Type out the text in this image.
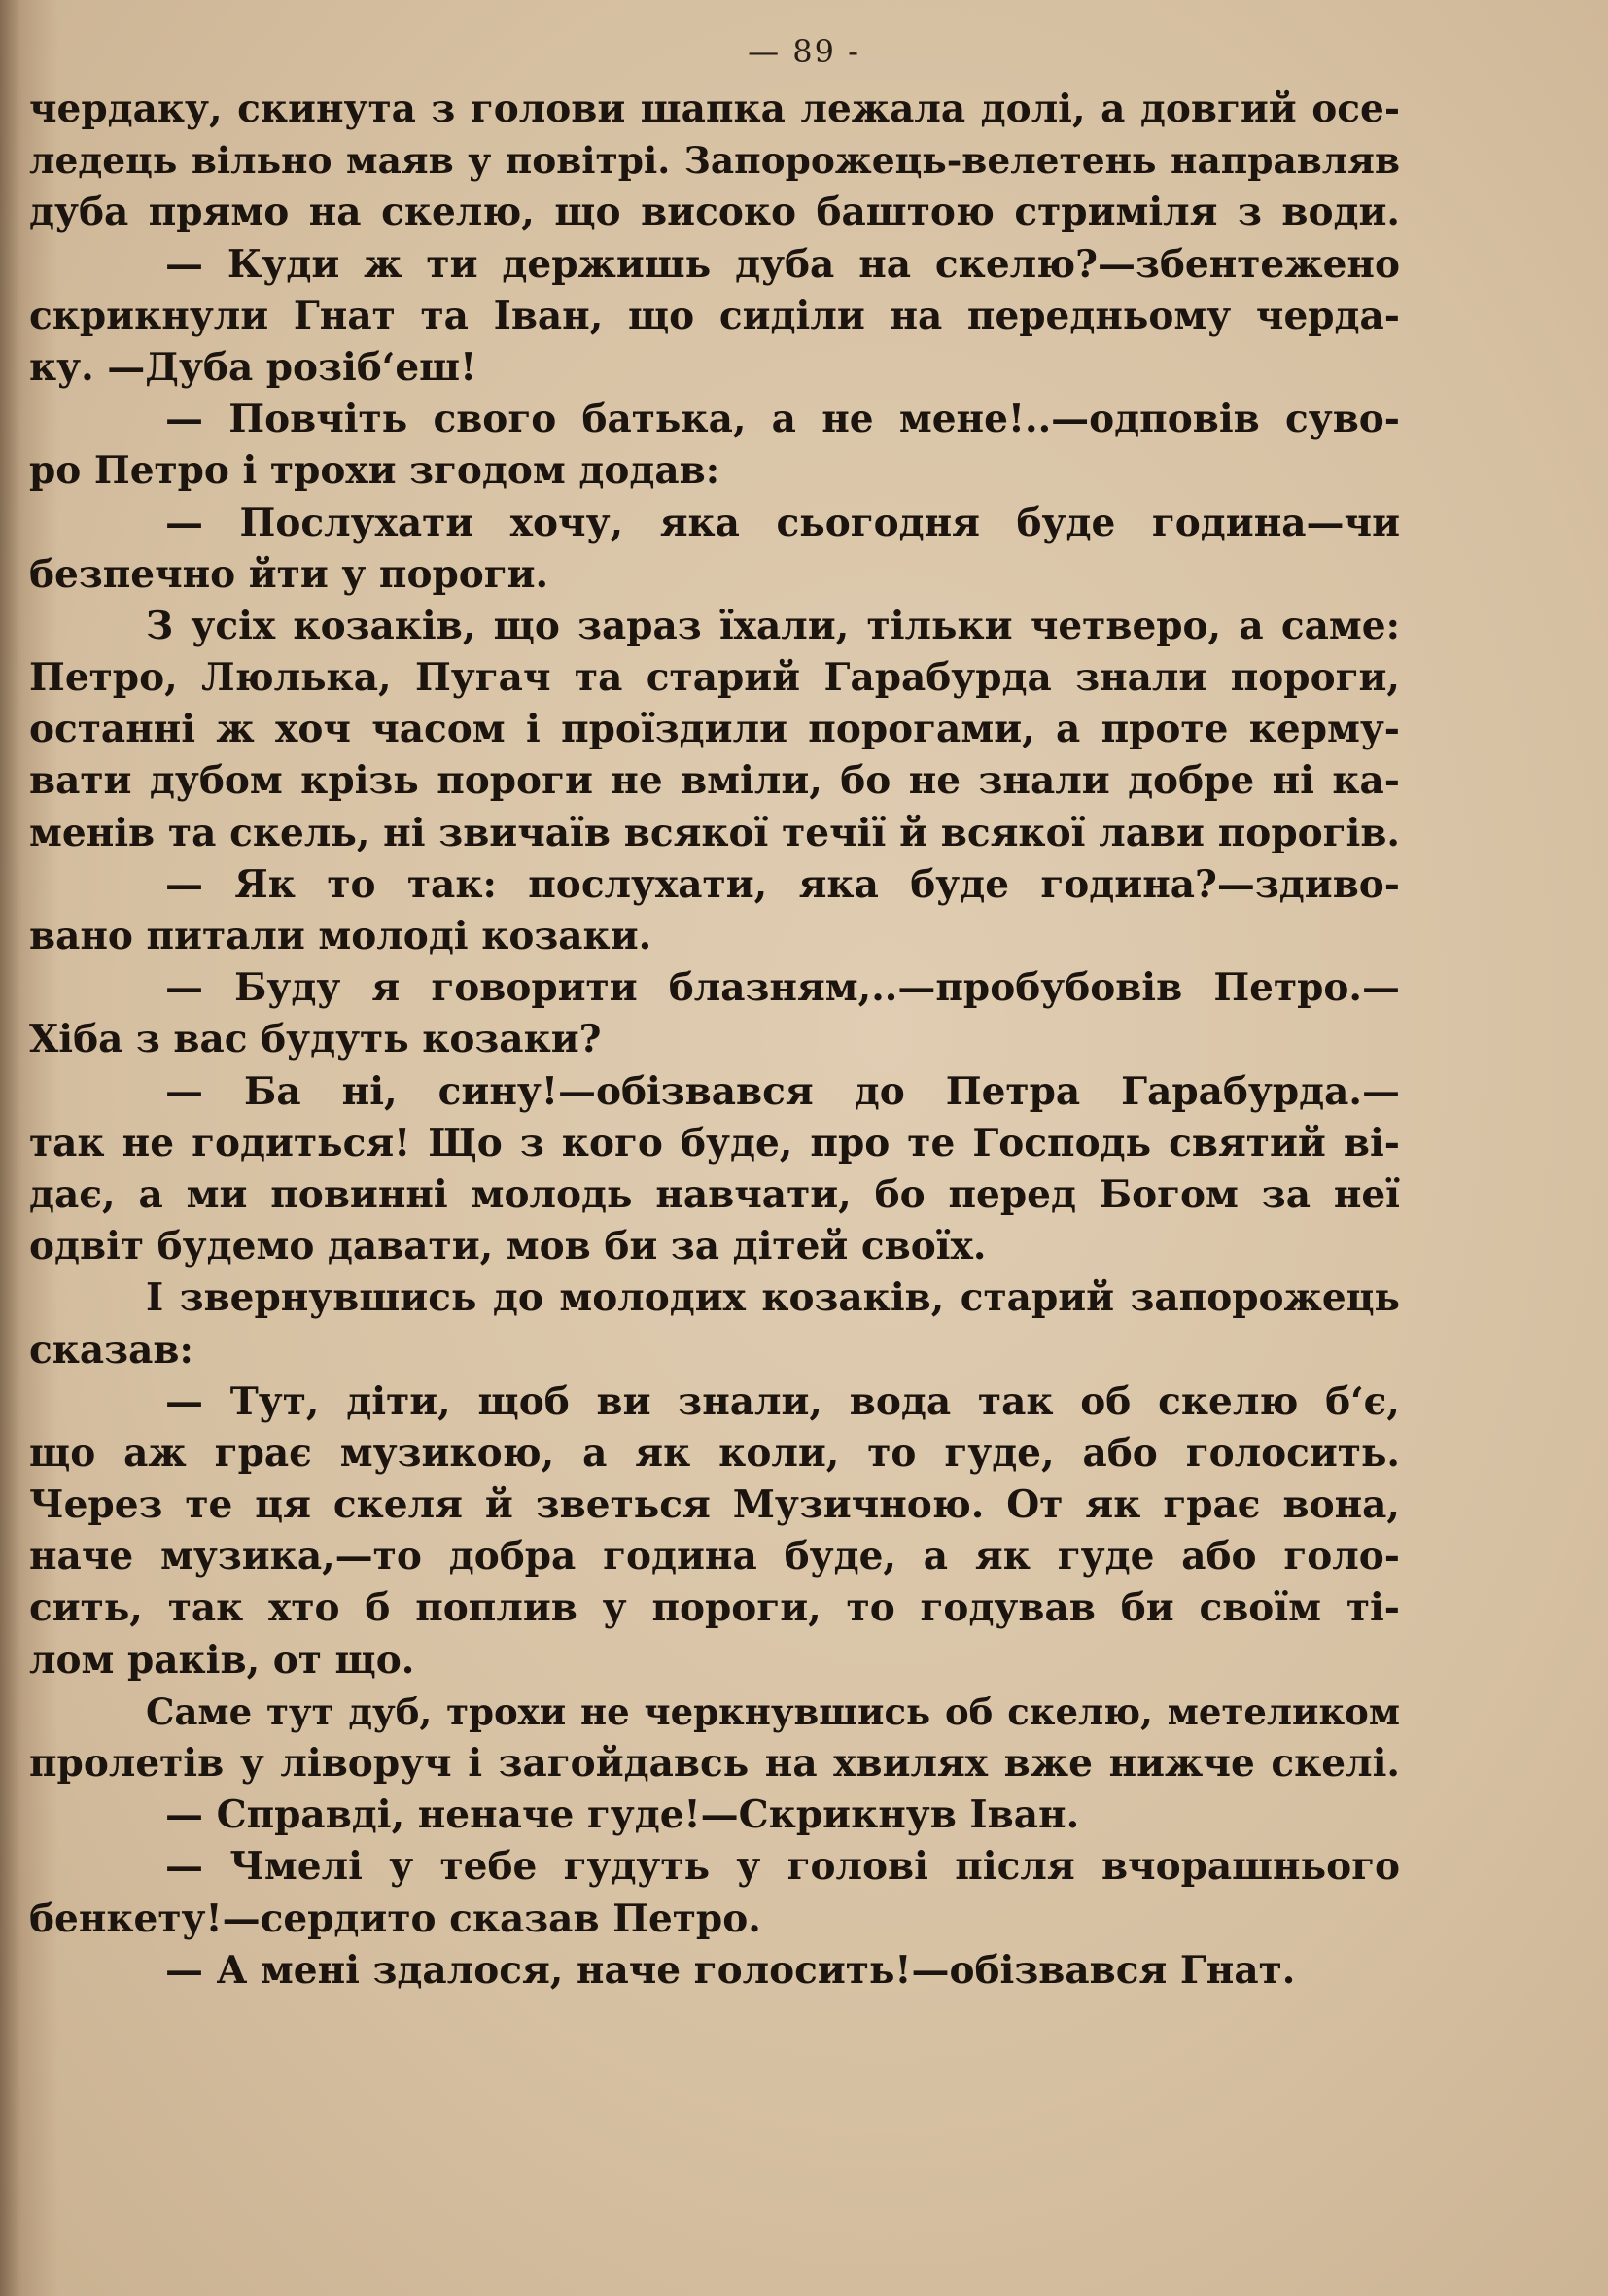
— 89 -
чердаку, скинута з голови шапка лежала долі, а довгий осе-
ледець вільно маяв у повітрі. Запорожець-велетень направляв
дуба прямо на скелю, що високо баштою стриміля з води.
— Куди ж ти держишь дуба на скелю?—збентежено
скрикнули Гнат та Іван, що сиділи на передньому черда-
ку. —Дуба розіб‘еш!
— Повчіть свого батька, а не мене!..—одповів суво-
ро Петро і трохи згодом додав:
— Послухати хочу, яка сьогодня буде година—чи
безпечно йти у пороги.
З усіх козаків, що зараз їхали, тільки четверо, а саме:
Петро, Люлька, Пугач та старий Гарабурда знали пороги,
останні ж хоч часом і проїздили порогами, а проте керму-
вати дубом крізь пороги не вміли, бо не знали добре ні ка-
менів та скель, ні звичаїв всякої течії й всякої лави порогів.
— Як то так: послухати, яка буде година?—здиво-
вано питали молоді козаки.
— Буду я говорити блазням,..—пробубовів Петро.—
Хіба з вас будуть козаки?
— Ба ні, сину!—обізвався до Петра Гарабурда.—
так не годиться! Що з кого буде, про те Господь святий ві-
дає, а ми повинні молодь навчати, бо перед Богом за неї
одвіт будемо давати, мов би за дітей своїх.
І звернувшись до молодих козаків, старий запорожець
сказав:
— Тут, діти, щоб ви знали, вода так об скелю б‘є,
що аж грає музикою, а як коли, то гуде, або голосить.
Через те ця скеля й зветься Музичною. От як грає вона,
наче музика,—то добра година буде, а як гуде або голо-
сить, так хто б поплив у пороги, то годував би своїм ті-
лом раків, от що.
Саме тут дуб, трохи не черкнувшись об скелю, метеликом
пролетів у ліворуч і загойдавсь на хвилях вже нижче скелі.
— Справді, неначе гуде!—Скрикнув Іван.
— Чмелі у тебе гудуть у голові після вчорашнього
бенкету!—сердито сказав Петро.
— А мені здалося, наче голосить!—обізвався Гнат.
